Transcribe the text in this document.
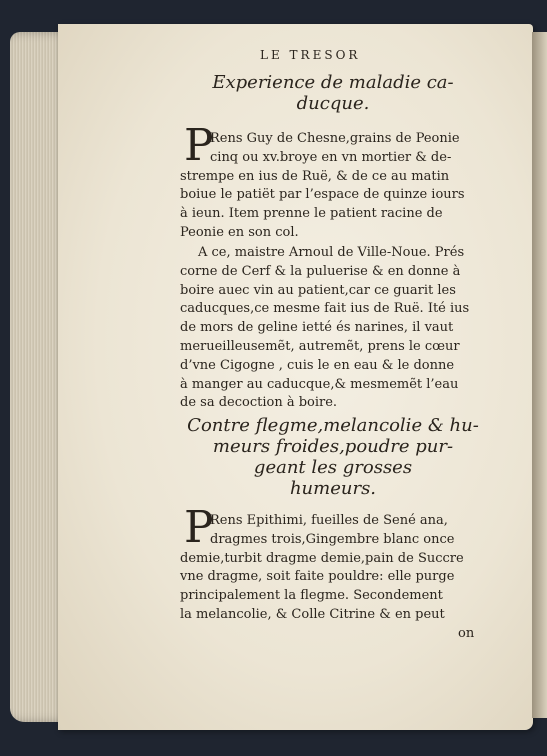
LE TRESOR
Experience de maladie ca-
ducque.
P
Rens Guy de Chesne,grains de Peonie
cinq ou xv.broye en vn mortier & de-
strempe en ius de Ruë, & de ce au matin
boiue le patiët par l’espace de quinze iours
à ieun. Item prenne le patient racine de
Peonie en son col.
A ce, maistre Arnoul de Ville-Noue. Prés
corne de Cerf & la puluerise & en donne à
boire auec vin au patient,car ce guarit les
caducques,ce mesme fait ius de Ruë. Ité ius
de mors de geline ietté és narines, il vaut
merueilleusemẽt, autremẽt, prens le cœur
d’vne Cigogne , cuis le en eau & le donne
à manger au caducque,& mesmemẽt l’eau
de sa decoction à boire.
Contre flegme,melancolie & hu-
meurs froides,poudre pur-
geant les grosses
humeurs.
P
Rens Epithimi, fueilles de Sené ana,
dragmes trois,Gingembre blanc once
demie,turbit dragme demie,pain de Succre
vne dragme, soit faite pouldre: elle purge
principalement la flegme. Secondement
la melancolie, & Colle Citrine & en peut
on
